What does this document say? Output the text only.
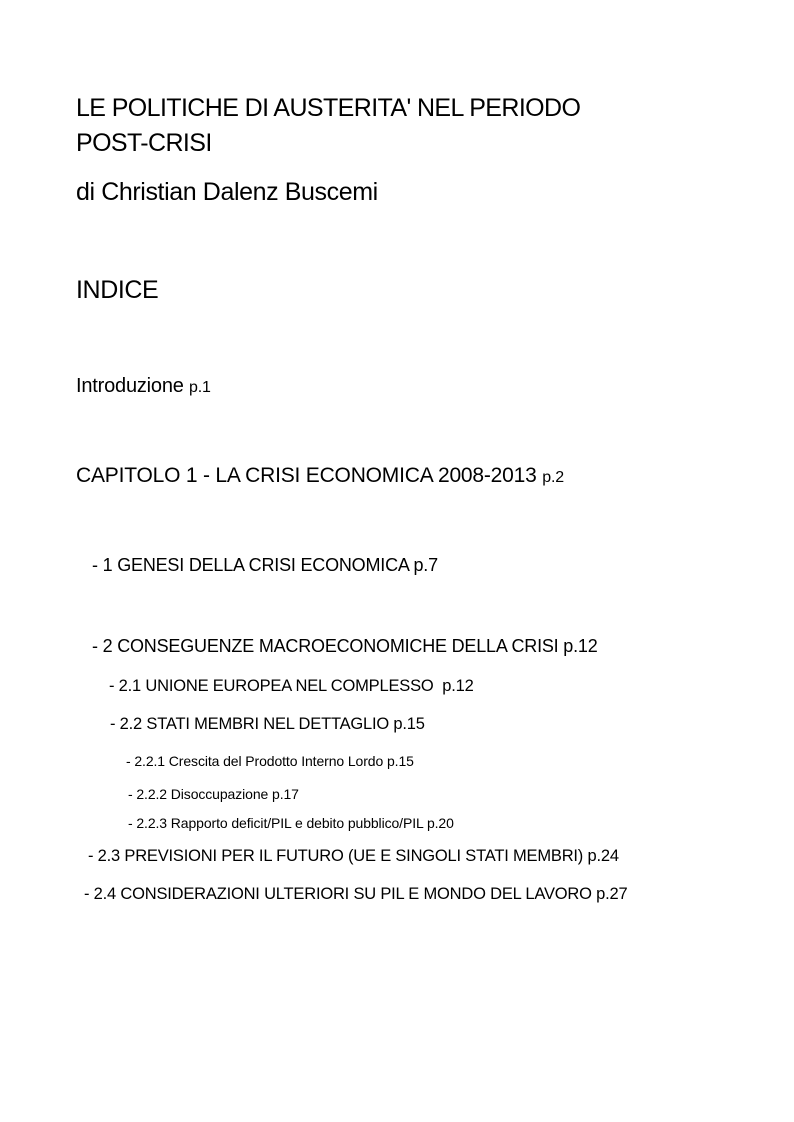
LE POLITICHE DI AUSTERITA' NEL PERIODO
POST-CRISI
di Christian Dalenz Buscemi
INDICE
Introduzione p.1
CAPITOLO 1 - LA CRISI ECONOMICA 2008-2013 p.2
- 1 GENESI DELLA CRISI ECONOMICA p.7
- 2 CONSEGUENZE MACROECONOMICHE DELLA CRISI p.12
- 2.1 UNIONE EUROPEA NEL COMPLESSO  p.12
- 2.2 STATI MEMBRI NEL DETTAGLIO p.15
- 2.2.1 Crescita del Prodotto Interno Lordo p.15
- 2.2.2 Disoccupazione p.17
- 2.2.3 Rapporto deficit/PIL e debito pubblico/PIL p.20
- 2.3 PREVISIONI PER IL FUTURO (UE E SINGOLI STATI MEMBRI) p.24
- 2.4 CONSIDERAZIONI ULTERIORI SU PIL E MONDO DEL LAVORO p.27
